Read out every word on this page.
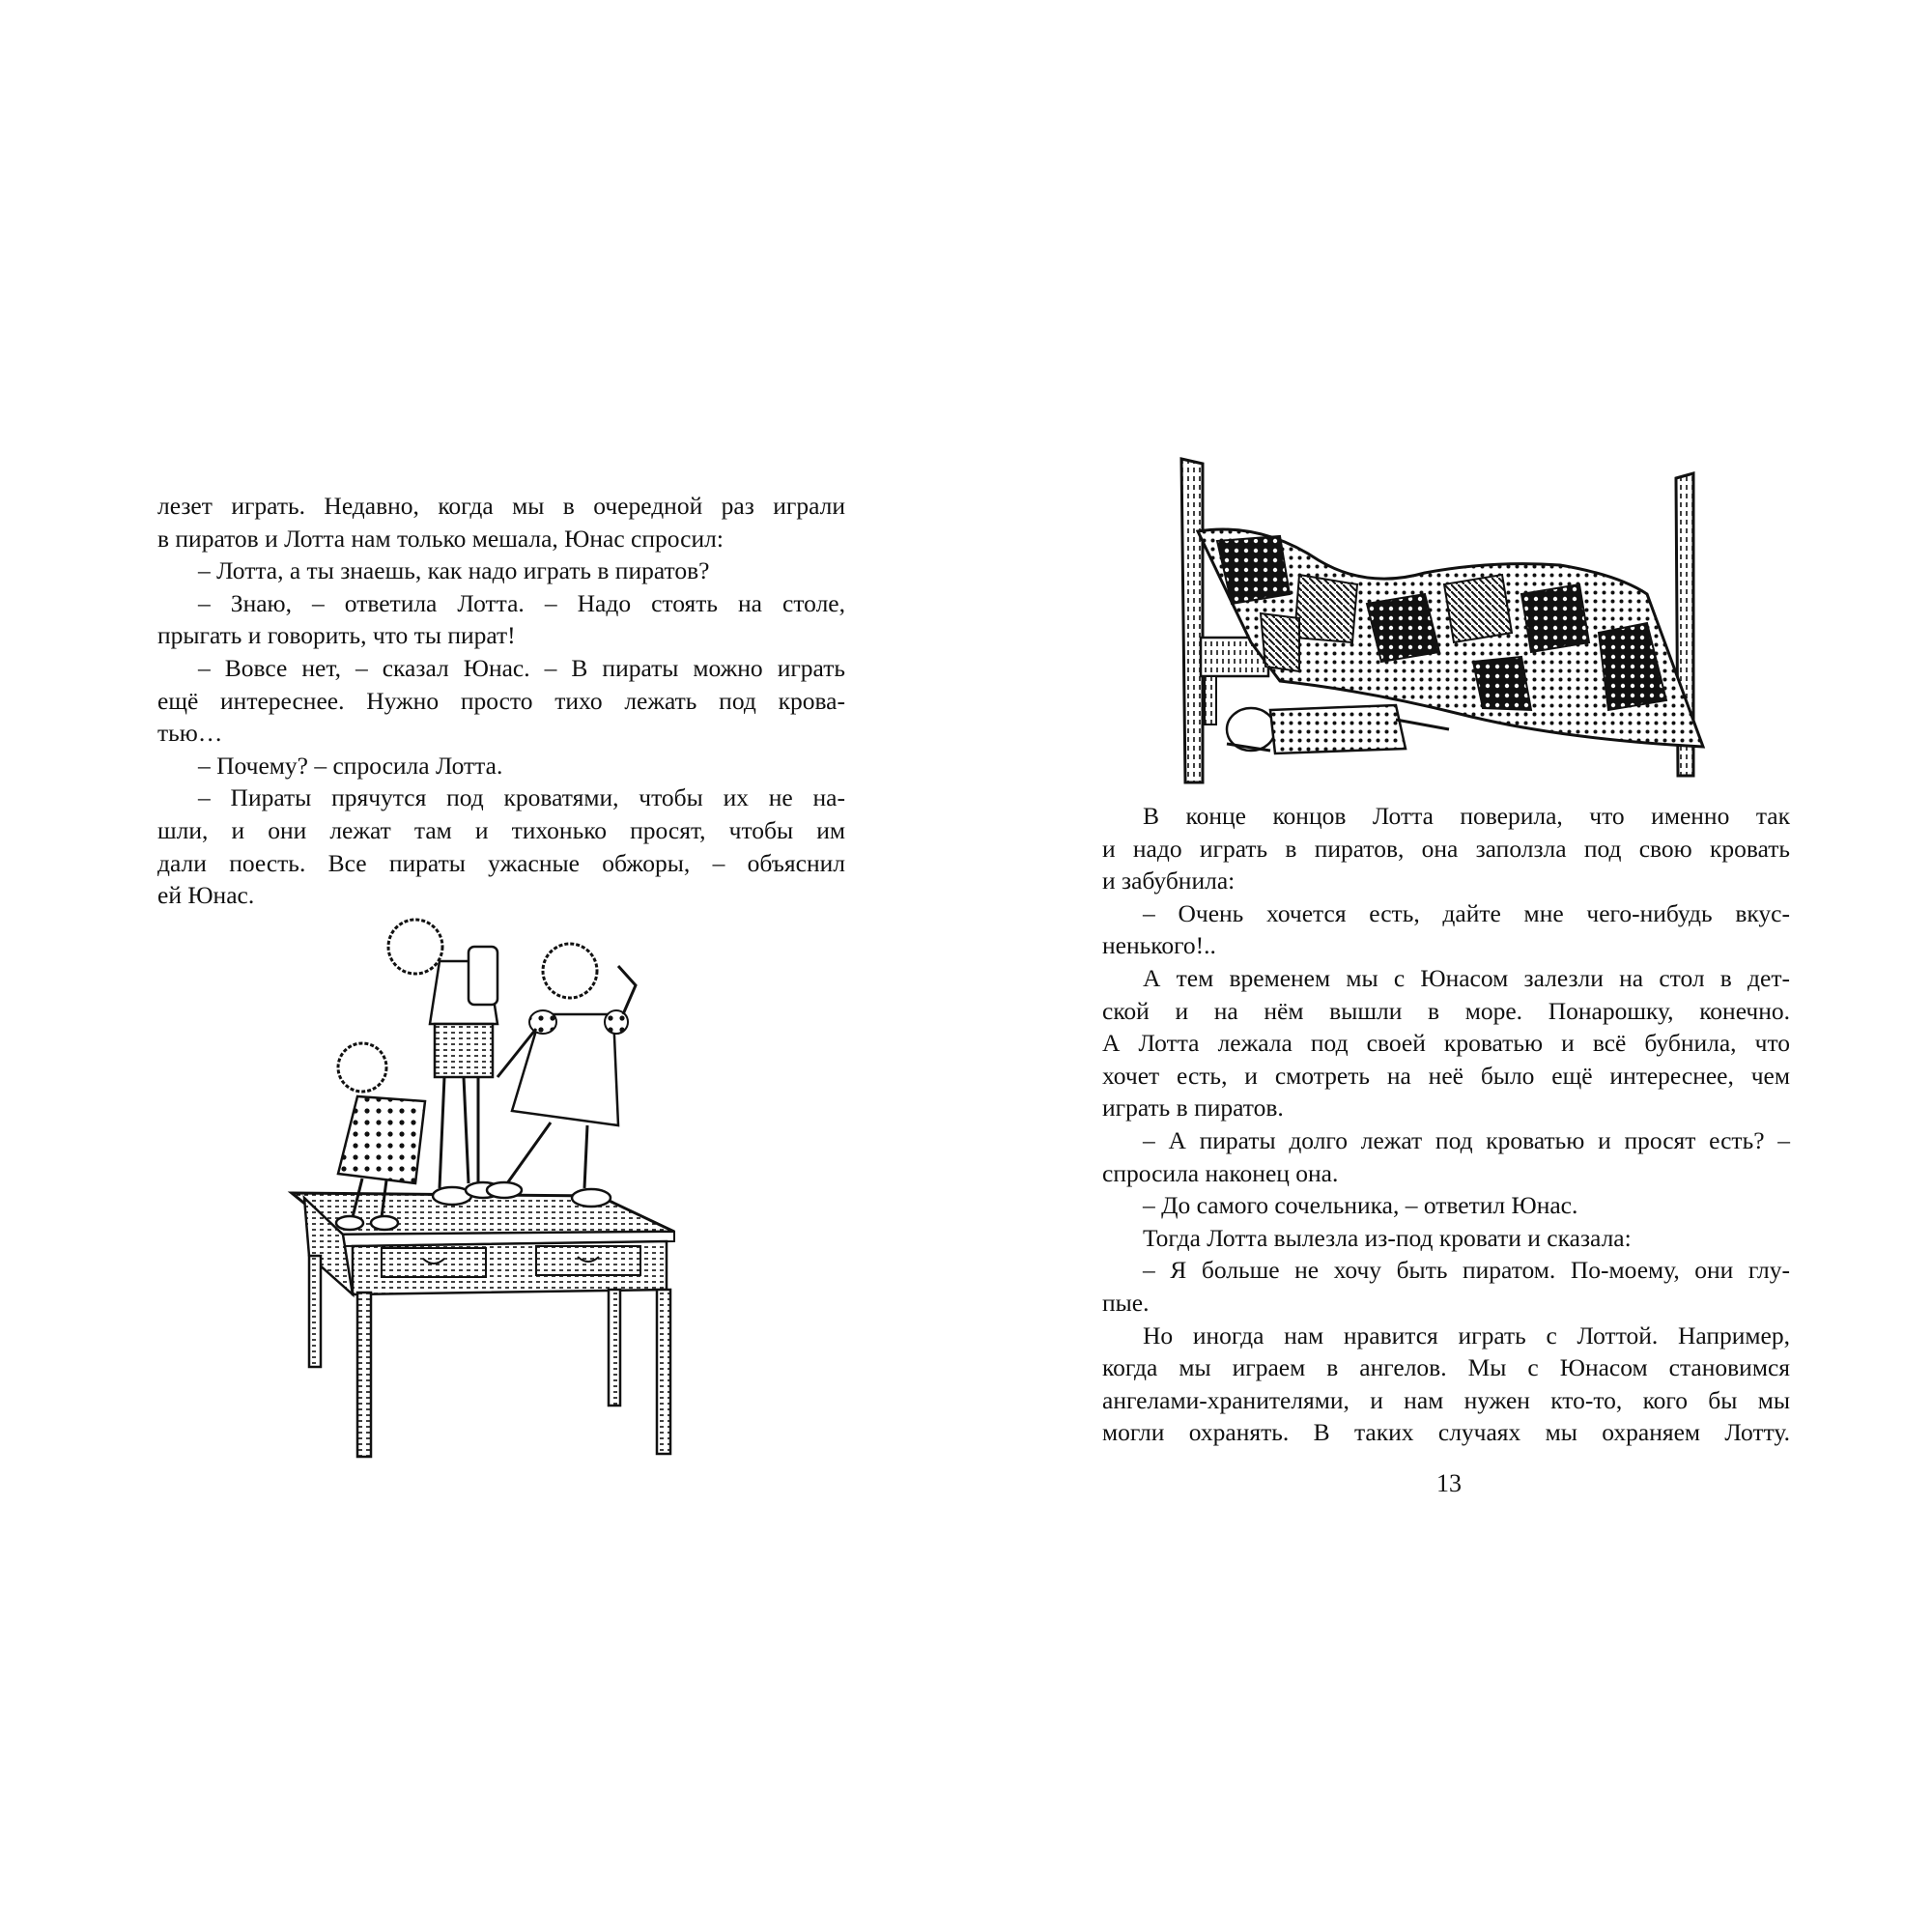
лезет играть. Недавно, когда мы в очередной раз играли
в пиратов и Лотта нам только мешала, Юнас спросил:
– Лотта, а ты знаешь, как надо играть в пиратов?
– Знаю, – ответила Лотта. – Надо стоять на столе,
прыгать и говорить, что ты пират!
– Вовсе нет, – сказал Юнас. – В пираты можно играть
ещё интереснее. Нужно просто тихо лежать под крова-
тью…
– Почему? – спросила Лотта.
– Пираты прячутся под кроватями, чтобы их не на-
шли, и они лежат там и тихонько просят, чтобы им
дали поесть. Все пираты ужасные обжоры, – объяснил
ей Юнас.
В конце концов Лотта поверила, что именно так
и надо играть в пиратов, она заползла под свою кровать
и забубнила:
– Очень хочется есть, дайте мне чего-нибудь вкус-
ненького!..
А тем временем мы с Юнасом залезли на стол в дет-
ской и на нём вышли в море. Понарошку, конечно.
А Лотта лежала под своей кроватью и всё бубнила, что
хочет есть, и смотреть на неё было ещё интереснее, чем
играть в пиратов.
– А пираты долго лежат под кроватью и просят есть? –
спросила наконец она.
– До самого сочельника, – ответил Юнас.
Тогда Лотта вылезла из-под кровати и сказала:
– Я больше не хочу быть пиратом. По-моему, они глу-
пые.
Но иногда нам нравится играть с Лоттой. Например,
когда мы играем в ангелов. Мы с Юнасом становимся
ангелами-хранителями, и нам нужен кто-то, кого бы мы
могли охранять. В таких случаях мы охраняем Лотту.
13
